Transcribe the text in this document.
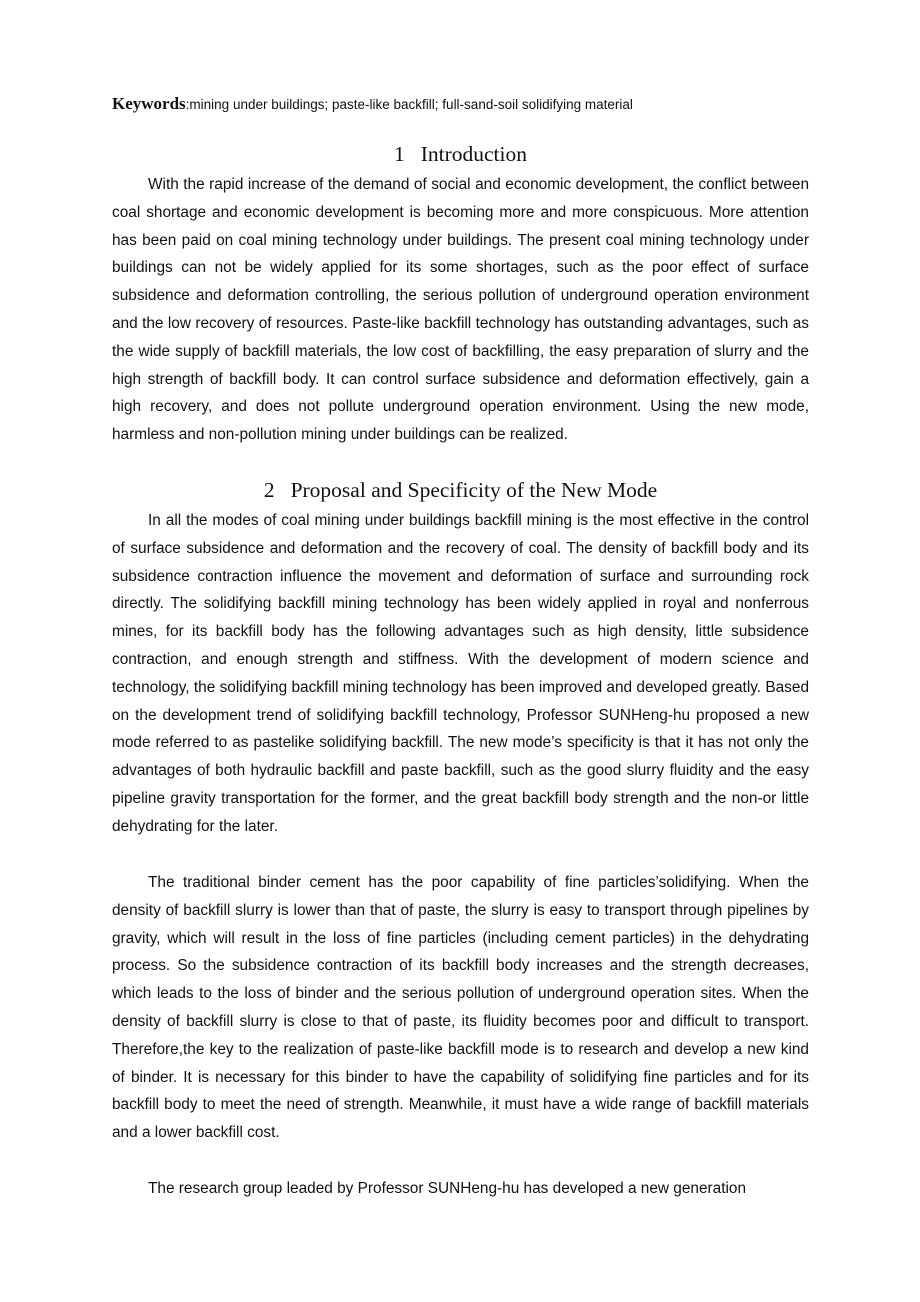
Keywords:mining under buildings; paste-like backfill; full-sand-soil solidifying material
1 Introduction

With the rapid increase of the demand of social and economic development, the conflict between coal shortage and economic development is becoming more and more conspicuous. More attention has been paid on coal mining technology under buildings. The present coal mining technology under buildings can not be widely applied for its some shortages, such as the poor effect of surface subsidence and deformation controlling, the serious pollution of underground operation environment and the low recovery of resources. Paste-like backfill technology has outstanding advantages, such as the wide supply of backfill materials, the low cost of backfilling, the easy preparation of slurry and the high strength of backfill body. It can control surface subsidence and deformation effectively, gain a high recovery, and does not pollute underground operation environment. Using the new mode, harmless and non-pollution mining under buildings can be realized.

2 Proposal and Specificity of the New Mode

In all the modes of coal mining under buildings backfill mining is the most effective in the control of surface subsidence and deformation and the recovery of coal. The density of backfill body and its subsidence contraction influence the movement and deformation of surface and surrounding rock directly. The solidifying backfill mining technology has been widely applied in royal and nonferrous mines, for its backfill body has the following advantages such as high density, little subsidence contraction, and enough strength and stiffness. With the development of modern science and technology, the solidifying backfill mining technology has been improved and developed greatly. Based on the development trend of solidifying backfill technology, Professor SUNHeng-hu proposed a new mode referred to as pastelike solidifying backfill. The new mode’s specificity is that it has not only the advantages of both hydraulic backfill and paste backfill, such as the good slurry fluidity and the easy pipeline gravity transportation for the former, and the great backfill body strength and the non-or little dehydrating for the later.

The traditional binder cement has the poor capability of fine particles’solidifying. When the density of backfill slurry is lower than that of paste, the slurry is easy to transport through pipelines by gravity, which will result in the loss of fine particles (including cement particles) in the dehydrating process. So the subsidence contraction of its backfill body increases and the strength decreases, which leads to the loss of binder and the serious pollution of underground operation sites. When the density of backfill slurry is close to that of paste, its fluidity becomes poor and difficult to transport. Therefore,the key to the realization of paste-like backfill mode is to research and develop a new kind of binder. It is necessary for this binder to have the capability of solidifying fine particles and for its backfill body to meet the need of strength. Meanwhile, it must have a wide range of backfill materials and a lower backfill cost.

The research group leaded by Professor SUNHeng-hu has developed a new generation
